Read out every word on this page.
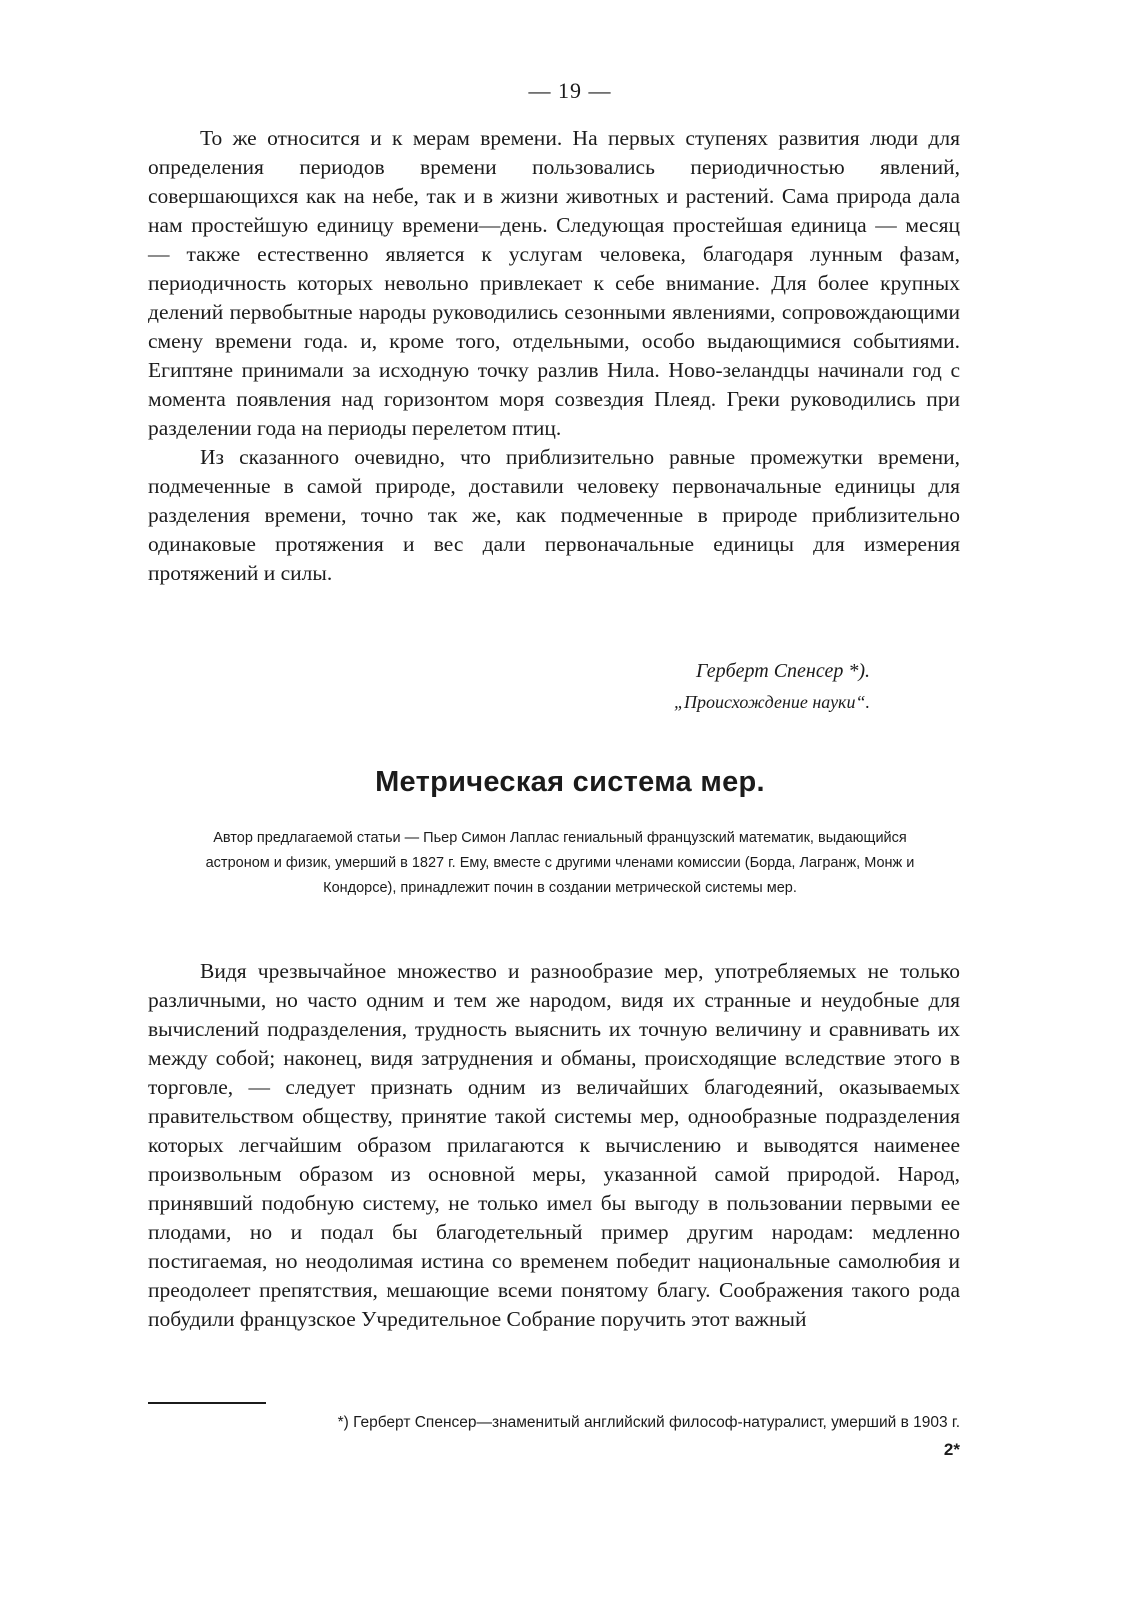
— 19 —

То же относится и к мерам времени. На первых ступенях развития люди для определения периодов времени пользовались периодичностью явлений, совершающихся как на небе, так и в жизни животных и растений. Сама природа дала нам простейшую единицу времени—день. Следующая простейшая единица — месяц — также естественно является к услугам человека, благодаря лунным фазам, периодичность которых невольно привлекает к себе внимание. Для более крупных делений первобытные народы руководились сезонными явлениями, сопровождающими смену времени года. и, кроме того, отдельными, особо выдающимися событиями. Египтяне принимали за исходную точку разлив Нила. Ново-зеландцы начинали год с момента появления над горизонтом моря созвездия Плеяд. Греки руководились при разделении года на периоды перелетом птиц.

Из сказанного очевидно, что приблизительно равные промежутки времени, подмеченные в самой природе, доставили человеку первоначальные единицы для разделения времени, точно так же, как подмеченные в природе приблизительно одинаковые протяжения и вес дали первоначальные единицы для измерения протяжений и силы.

Герберт Спенсер *).
„Происхождение науки“.
Метрическая система мер.
Автор предлагаемой статьи — Пьер Симон Лаплас гениальный французский математик, выдающийся астроном и физик, умерший в 1827 г. Ему, вместе с другими членами комиссии (Борда, Лагранж, Монж и Кондорсе), принадлежит почин в создании метрической системы мер.

Видя чрезвычайное множество и разнообразие мер, употребляемых не только различными, но часто одним и тем же народом, видя их странные и неудобные для вычислений подразделения, трудность выяснить их точную величину и сравнивать их между собой; наконец, видя затруднения и обманы, происходящие вследствие этого в торговле, — следует признать одним из величайших благодеяний, оказываемых правительством обществу, принятие такой системы мер, однообразные подразделения которых легчайшим образом прилагаются к вычислению и выводятся наименее произвольным образом из основной меры, указанной самой природой. Народ, принявший подобную систему, не только имел бы выгоду в пользовании первыми ее плодами, но и подал бы благодетельный пример другим народам: медленно постигаемая, но неодолимая истина со временем победит национальные самолюбия и преодолеет препятствия, мешающие всеми понятому благу. Соображения такого рода побудили французское Учредительное Собрание поручить этот важный

*) Герберт Спенсер—знаменитый английский философ-натуралист, умерший в 1903 г.
2*
